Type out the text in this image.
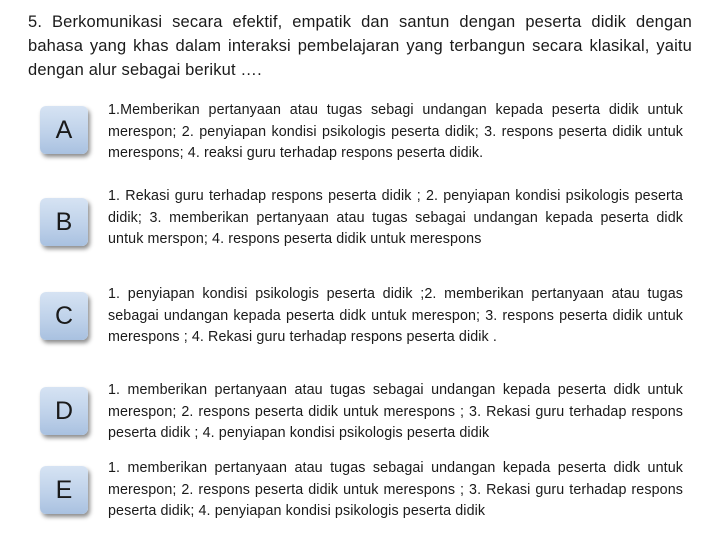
5. Berkomunikasi secara efektif, empatik dan santun dengan peserta didik dengan bahasa yang khas dalam interaksi pembelajaran yang terbangun secara klasikal, yaitu dengan alur sebagai berikut ….
A
1.Memberikan pertanyaan atau tugas sebagi undangan kepada peserta didik untuk merespon; 2. penyiapan kondisi psikologis peserta didik; 3. respons peserta didik untuk merespons; 4. reaksi guru terhadap respons peserta didik.
B
1. Rekasi guru terhadap respons peserta didik ; 2. penyiapan kondisi psikologis peserta didik; 3. memberikan pertanyaan atau tugas sebagai undangan kepada peserta didk untuk merspon; 4. respons peserta didik untuk merespons
C
1. penyiapan kondisi psikologis peserta didik ;2. memberikan pertanyaan atau tugas sebagai undangan kepada peserta didk untuk merespon; 3. respons peserta didik untuk merespons ; 4. Rekasi guru terhadap respons peserta didik .
D
1. memberikan pertanyaan atau tugas sebagai undangan kepada peserta didk untuk merespon; 2. respons peserta didik untuk merespons ; 3. Rekasi guru terhadap respons peserta didik ; 4. penyiapan kondisi psikologis peserta didik
E
1. memberikan pertanyaan atau tugas sebagai undangan kepada peserta didk untuk merespon; 2. respons peserta didik untuk merespons ; 3. Rekasi guru terhadap respons peserta didik; 4. penyiapan kondisi psikologis peserta didik
